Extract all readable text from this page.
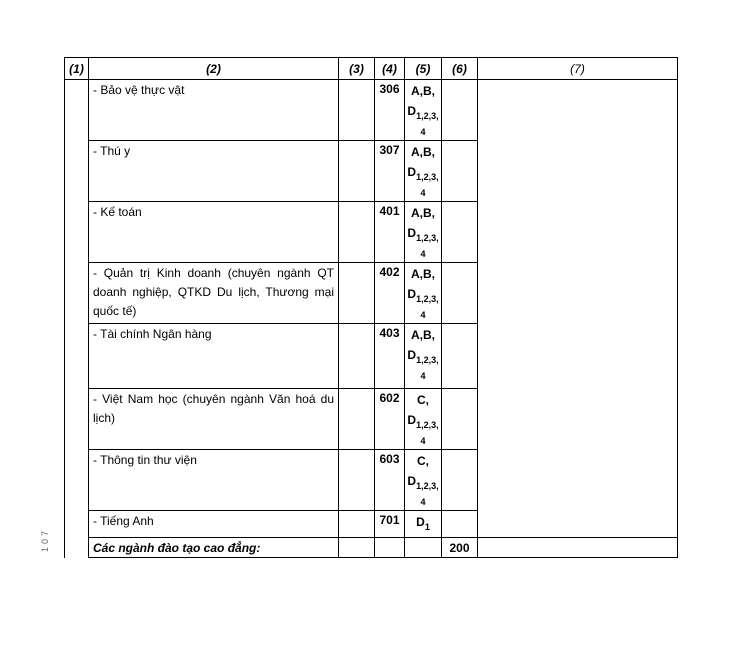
107
(1)	(2)	(3)	(4)	(5)	(6)	(7)
	- Bảo vệ thực vật		306	A,B,
$D_{1,2,3,}$
4		

	- Thú y		307	A,B,
$D_{1,2,3,}$
4		

	- Kế toán		401	A,B,
$D_{1,2,3,}$
4		

	- Quản trị Kinh doanh (chuyên ngành QT doanh nghiệp, QTKD Du lịch, Thương mại quốc tế)		402	A,B,
$D_{1,2,3,}$
4		

	- Tài chính Ngân hàng		403	A,B,
$D_{1,2,3,}$
4		

	- Việt Nam học (chuyên ngành Văn hoá du lịch)		602	C,
$D_{1,2,3,}$
4		

	- Thông tin thư viện		603	C,
$D_{1,2,3,}$
4		

	- Tiếng Anh		701	$D_1$	
	Các ngành đào tạo cao đẳng:				200	
